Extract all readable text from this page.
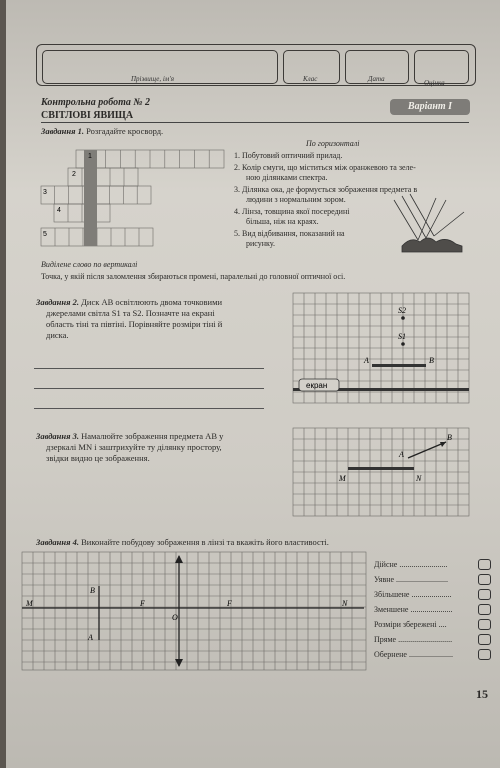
Прізвище, ім'я	Клас	Дата	Оцінка
Варіант І
Контрольна робота № 2
СВІТЛОВІ ЯВИЩА
Завдання 1. Розгадайте кросворд.
1
2
3
4
5
По горизонталі
1. Побутовий оптичний прилад.
2. Колір смуги, що міститься між оранжевою та зеле-
ною ділянками спектра.
3. Ділянка ока, де формується зображення предмета в
людини з нормальним зором.
4. Лінза, товщина якої посередині
більша, ніж на краях.
5. Вид відбивання, показаний на
рисунку.
Виділене слово по вертикалі
Точка, у якій після заломлення збираються промені, паралельні до головної оптичної осі.
Завдання 2. Диск AB освітлюють двома точковими
джерелами світла S1 та S2. Позначте на екрані
область тіні та півтіні. Порівняйте розміри тіні й
диска.
S2
S1
A	B
екран
Завдання 3. Намалюйте зображення предмета AB у
дзеркалі MN і заштрихуйте ту ділянку простору,
звідки видно це зображення.	A
B
M	N
Завдання 4. Виконайте побудову зображення в лінзі та вкажіть його властивості.
B
A
M	N
F	F
O
Дійсне ........................
Уявне ..........................
Збільшене ....................
Зменшене .....................
Розміри збережені ....
Пряме ...........................
Обернене ......................
15
